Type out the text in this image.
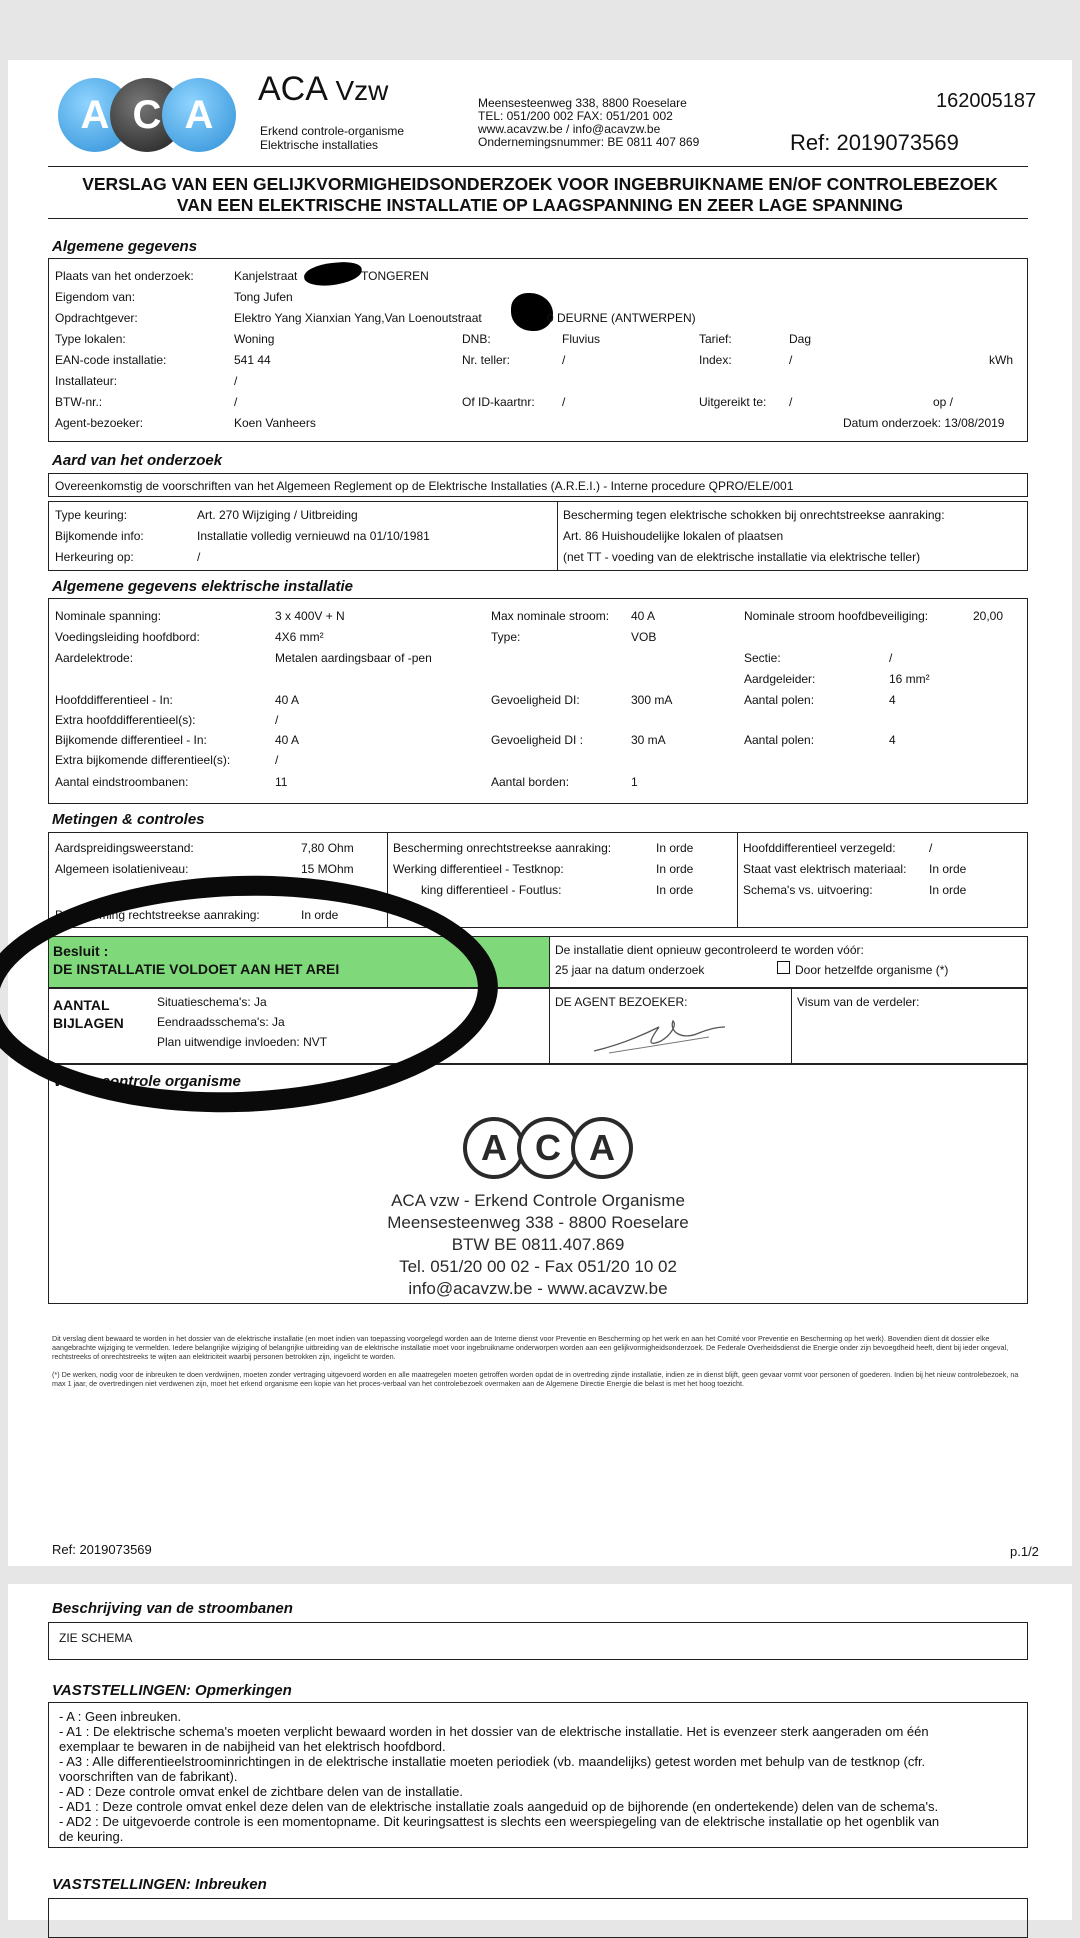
A C A
ACA Vzw
Erkend controle-organisme
Elektrische installaties
Meensesteenweg 338, 8800 Roeselare
TEL: 051/200 002 FAX: 051/201 002
www.acavzw.be / info@acavzw.be
Ondernemingsnummer: BE 0811 407 869
162005187
Ref: 2019073569
VERSLAG VAN EEN GELIJKVORMIGHEIDSONDERZOEK VOOR INGEBRUIKNAME EN/OF CONTROLEBEZOEK
VAN EEN ELEKTRISCHE INSTALLATIE OP LAAGSPANNING EN ZEER LAGE SPANNING
Algemene gegevens
Plaats van het onderzoek:	Kanjelstraat	TONGEREN
Eigendom van:	Tong Jufen
Opdrachtgever:	Elektro Yang Xianxian Yang,Van Loenoutstraat	0 DEURNE (ANTWERPEN)
Type lokalen:	Woning	DNB:	Fluvius	Tarief:	Dag
EAN-code installatie:	541 44	Nr. teller:	/	Index:	/	kWh
Installateur:	/
BTW-nr.:	/	Of ID-kaartnr: /	Uitgereikt te: /	op /
Agent-bezoeker:	Koen Vanheers	Datum onderzoek: 13/08/2019
Aard van het onderzoek
Overeenkomstig de voorschriften van het Algemeen Reglement op de Elektrische Installaties (A.R.E.I.) - Interne procedure QPRO/ELE/001
Type keuring:	Art. 270 Wijziging / Uitbreiding
Bijkomende info:	Installatie volledig vernieuwd na 01/10/1981
Herkeuring op:	/
Bescherming tegen elektrische schokken bij onrechtstreekse aanraking:
Art. 86 Huishoudelijke lokalen of plaatsen
(net TT - voeding van de elektrische installatie via elektrische teller)
Algemene gegevens elektrische installatie
Nominale spanning:	3 x 400V + N	Max nominale stroom: 40 A	Nominale stroom hoofdbeveiliging:	20,00
Voedingsleiding hoofdbord:	4X6 mm²	Type:	VOB
Aardelektrode:	Metalen aardingsbaar of -pen	Sectie:	/
Aardgeleider:	16 mm²
Hoofddifferentieel - In:	40 A	Gevoeligheid DI:	300 mA	Aantal polen:	4
Extra hoofddifferentieel(s):	/
Bijkomende differentieel - In:	40 A	Gevoeligheid DI :	30 mA	Aantal polen:	4
Extra bijkomende differentieel(s):	/
Aantal eindstroombanen:	11	Aantal borden:	1
Metingen & controles
Aardspreidingsweerstand:	7,80 Ohm
Algemeen isolatieniveau:	15 MOhm
Bescherming rechtstreekse aanraking:	In orde
Bescherming onrechtstreekse aanraking:	In orde
Werking differentieel - Testknop:	In orde
king differentieel - Foutlus:	In orde
Hoofddifferentieel verzegeld:	/
Staat vast elektrisch materiaal: In orde
Schema's vs. uitvoering:	In orde
Besluit :
DE INSTALLATIE VOLDOET AAN HET AREI
De installatie dient opnieuw gecontroleerd te worden vóór:
25 jaar na datum onderzoek	Door hetzelfde organisme (*)
AANTAL
BIJLAGEN
Situatieschema's: Ja
Eendraadsschema's: Ja
Plan uitwendige invloeden: NVT
DE AGENT BEZOEKER:	Visum van de verdeler:
Visum controle organisme
A C A
ACA vzw - Erkend Controle Organisme
Meensesteenweg 338 - 8800 Roeselare
BTW BE 0811.407.869
Tel. 051/20 00 02 - Fax 051/20 10 02
info@acavzw.be - www.acavzw.be
Dit verslag dient bewaard te worden in het dossier van de elektrische installatie (en moet indien van toepassing voorgelegd worden aan de Interne dienst voor Preventie en Bescherming op het werk en aan het Comité voor Preventie en Bescherming op het werk). Bovendien dient dit dossier elke aangebrachte wijziging te vermelden. Iedere belangrijke wijziging of belangrijke uitbreiding van de elektrische installatie moet voor ingebruikname onderworpen worden aan een gelijkvormigheidsonderzoek. De Federale Overheidsdienst die Energie onder zijn bevoegdheid heeft, dient bij ieder ongeval, rechtstreeks of onrechtstreeks te wijten aan elektriciteit waarbij personen betrokken zijn, ingelicht te worden.
(*) De werken, nodig voor de inbreuken te doen verdwijnen, moeten zonder vertraging uitgevoerd worden en alle maatregelen moeten getroffen worden opdat de in overtreding zijnde installatie, indien ze in dienst blijft, geen gevaar vormt voor personen of goederen. Indien bij het nieuw controlebezoek, na max 1 jaar, de overtredingen niet verdwenen zijn, moet het erkend organisme een kopie van het proces-verbaal van het controlebezoek overmaken aan de Algemene Directie Energie die belast is met het hoog toezicht.
Ref: 2019073569	p.1/2
Beschrijving van de stroombanen
ZIE SCHEMA
VASTSTELLINGEN: Opmerkingen
- A : Geen inbreuken.
- A1 : De elektrische schema's moeten verplicht bewaard worden in het dossier van de elektrische installatie. Het is evenzeer sterk aangeraden om één
exemplaar te bewaren in de nabijheid van het elektrisch hoofdbord.
- A3 : Alle differentieelstroominrichtingen in de elektrische installatie moeten periodiek (vb. maandelijks) getest worden met behulp van de testknop (cfr.
voorschriften van de fabrikant).
- AD : Deze controle omvat enkel de zichtbare delen van de installatie.
- AD1 : Deze controle omvat enkel deze delen van de elektrische installatie zoals aangeduid op de bijhorende (en ondertekende) delen van de schema's.
- AD2 : De uitgevoerde controle is een momentopname. Dit keuringsattest is slechts een weerspiegeling van de elektrische installatie op het ogenblik van
de keuring.
VASTSTELLINGEN: Inbreuken
